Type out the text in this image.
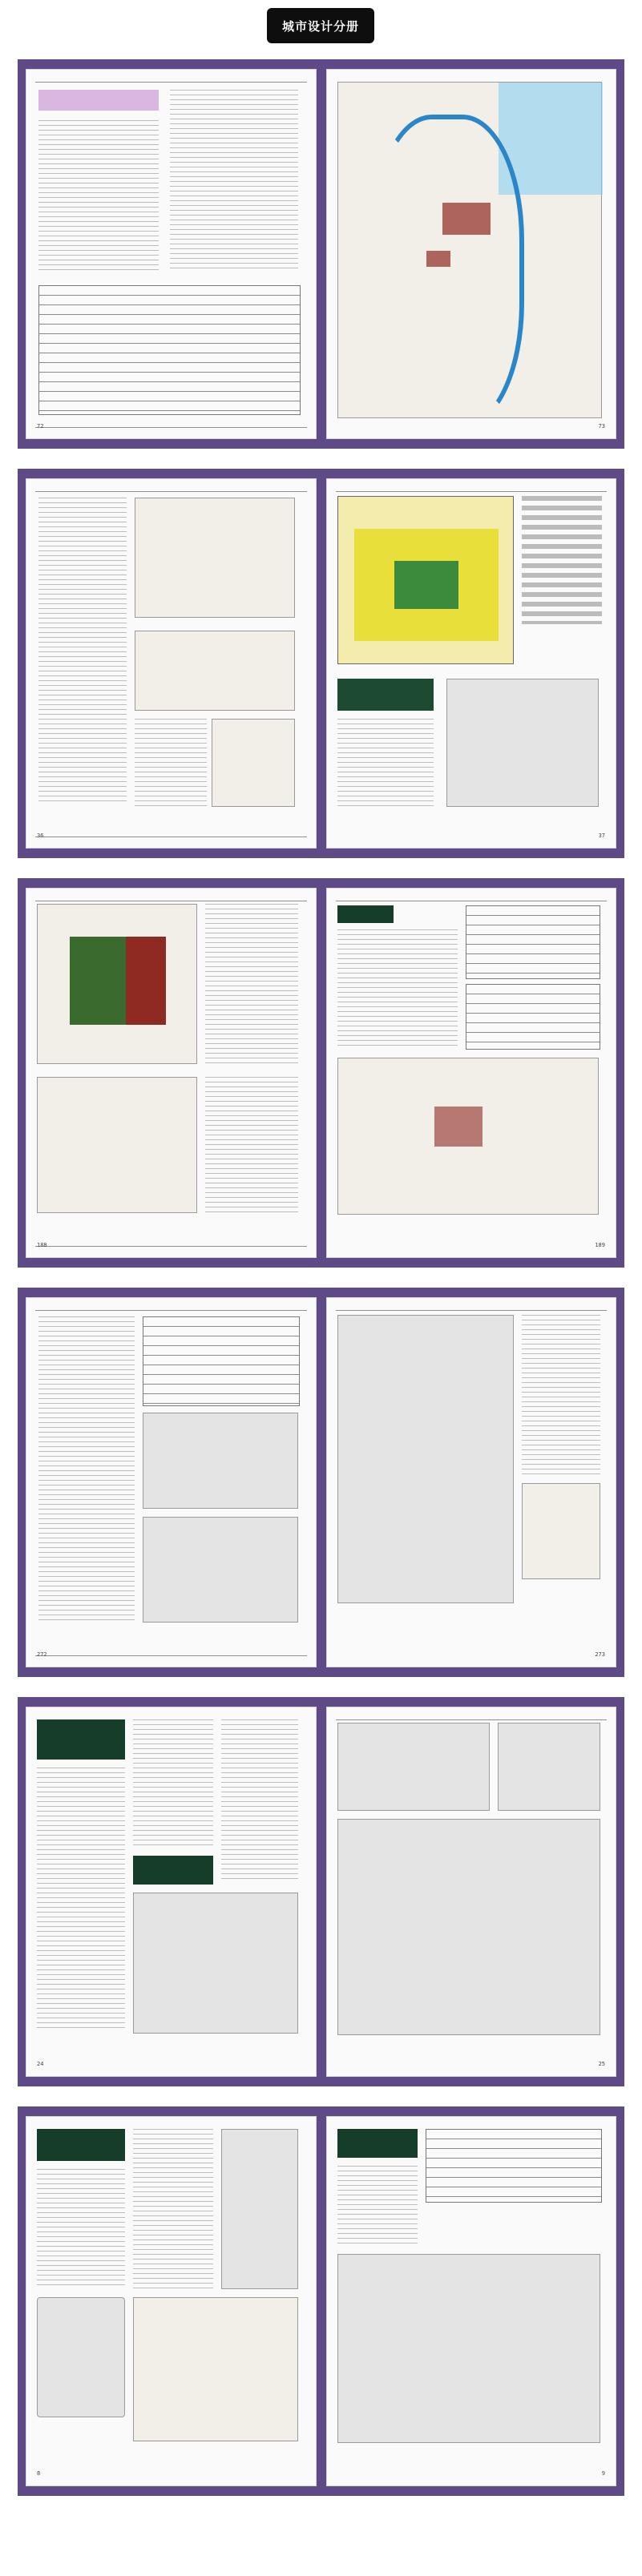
城市设计分册
72	73
36	37
188	189
272	273
24	25
8	9
